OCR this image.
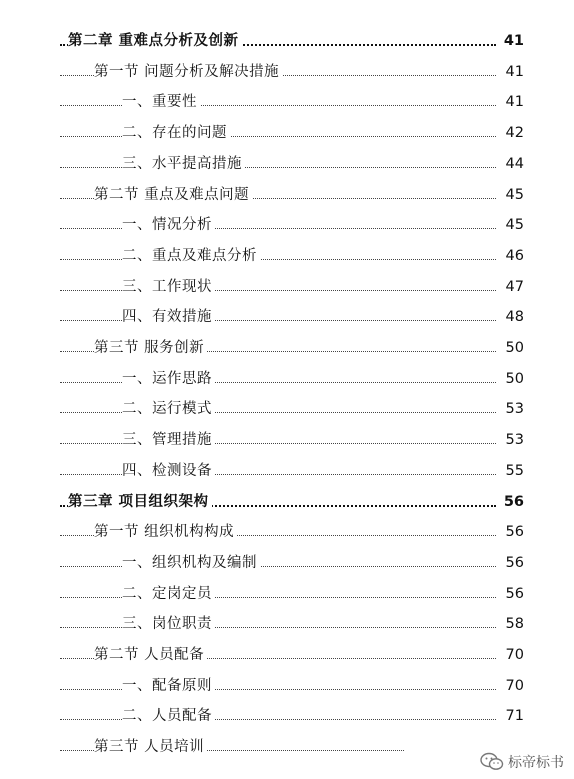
第二章 重难点分析及创新	41
第一节 问题分析及解决措施	41
一、重要性	41
二、存在的问题	42
三、水平提高措施	44
第二节 重点及难点问题	45
一、情况分析	45
二、重点及难点分析	46
三、工作现状	47
四、有效措施	48
第三节 服务创新	50
一、运作思路	50
二、运行模式	53
三、管理措施	53
四、检测设备	55
第三章 项目组织架构	56
第一节 组织机构构成	56
一、组织机构及编制	56
二、定岗定员	56
三、岗位职责	58
第二节 人员配备	70
一、配备原则	70
二、人员配备	71
第三节 人员培训
标帝标书
